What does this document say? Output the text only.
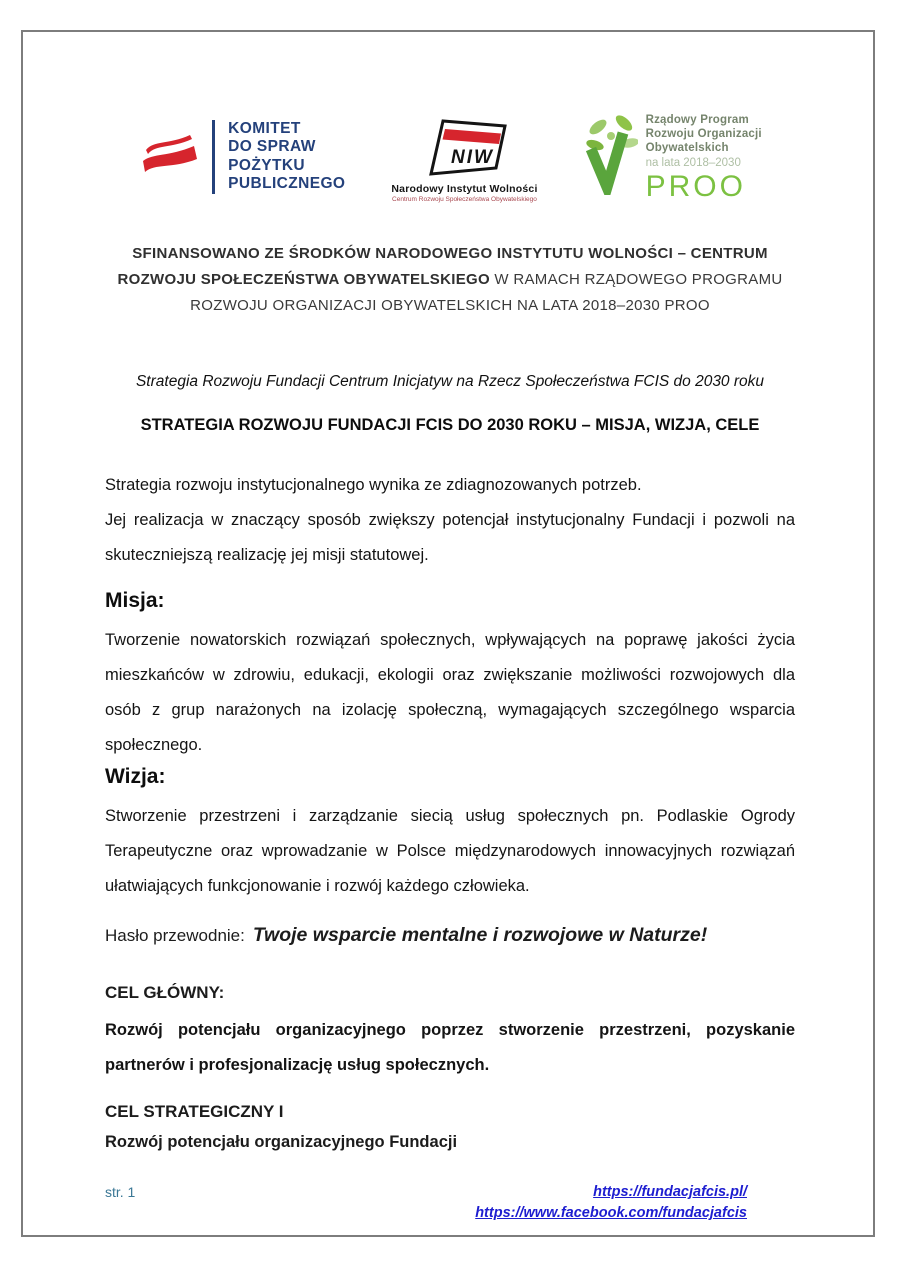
KOMITET
DO SPRAW
POŻYTKU
PUBLICZNEGO
NIW
Narodowy Instytut Wolności
Centrum Rozwoju Społeczeństwa Obywatelskiego
Rządowy Program
Rozwoju Organizacji
Obywatelskich
na lata 2018–2030
PROO
SFINANSOWANO ZE ŚRODKÓW NARODOWEGO INSTYTUTU WOLNOŚCI – CENTRUM
ROZWOJU SPOŁECZEŃSTWA OBYWATELSKIEGO W RAMACH RZĄDOWEGO PROGRAMU
ROZWOJU ORGANIZACJI OBYWATELSKICH NA LATA 2018–2030 PROO
Strategia Rozwoju Fundacji Centrum Inicjatyw na Rzecz Społeczeństwa FCIS do 2030 roku
STRATEGIA ROZWOJU FUNDACJI FCIS DO 2030 ROKU – MISJA, WIZJA, CELE
Strategia rozwoju instytucjonalnego wynika ze zdiagnozowanych potrzeb.
Jej realizacja w znaczący sposób zwiększy potencjał instytucjonalny Fundacji i pozwoli na skuteczniejszą realizację jej misji statutowej.
Misja:
Tworzenie nowatorskich rozwiązań społecznych, wpływających na poprawę jakości życia mieszkańców w zdrowiu, edukacji, ekologii oraz zwiększanie możliwości rozwojowych dla osób z grup narażonych na izolację społeczną, wymagających szczególnego wsparcia społecznego.
Wizja:
Stworzenie przestrzeni i zarządzanie siecią usług społecznych pn. Podlaskie Ogrody Terapeutyczne oraz wprowadzanie w Polsce międzynarodowych innowacyjnych rozwiązań ułatwiających funkcjonowanie i rozwój każdego człowieka.
Hasło przewodnie: Twoje wsparcie mentalne i rozwojowe w Naturze!
CEL GŁÓWNY:
Rozwój potencjału organizacyjnego poprzez stworzenie przestrzeni, pozyskanie partnerów i profesjonalizację usług społecznych.
CEL STRATEGICZNY I
Rozwój potencjału organizacyjnego Fundacji
str. 1	https://fundacjafcis.pl/
https://www.facebook.com/fundacjafcis
